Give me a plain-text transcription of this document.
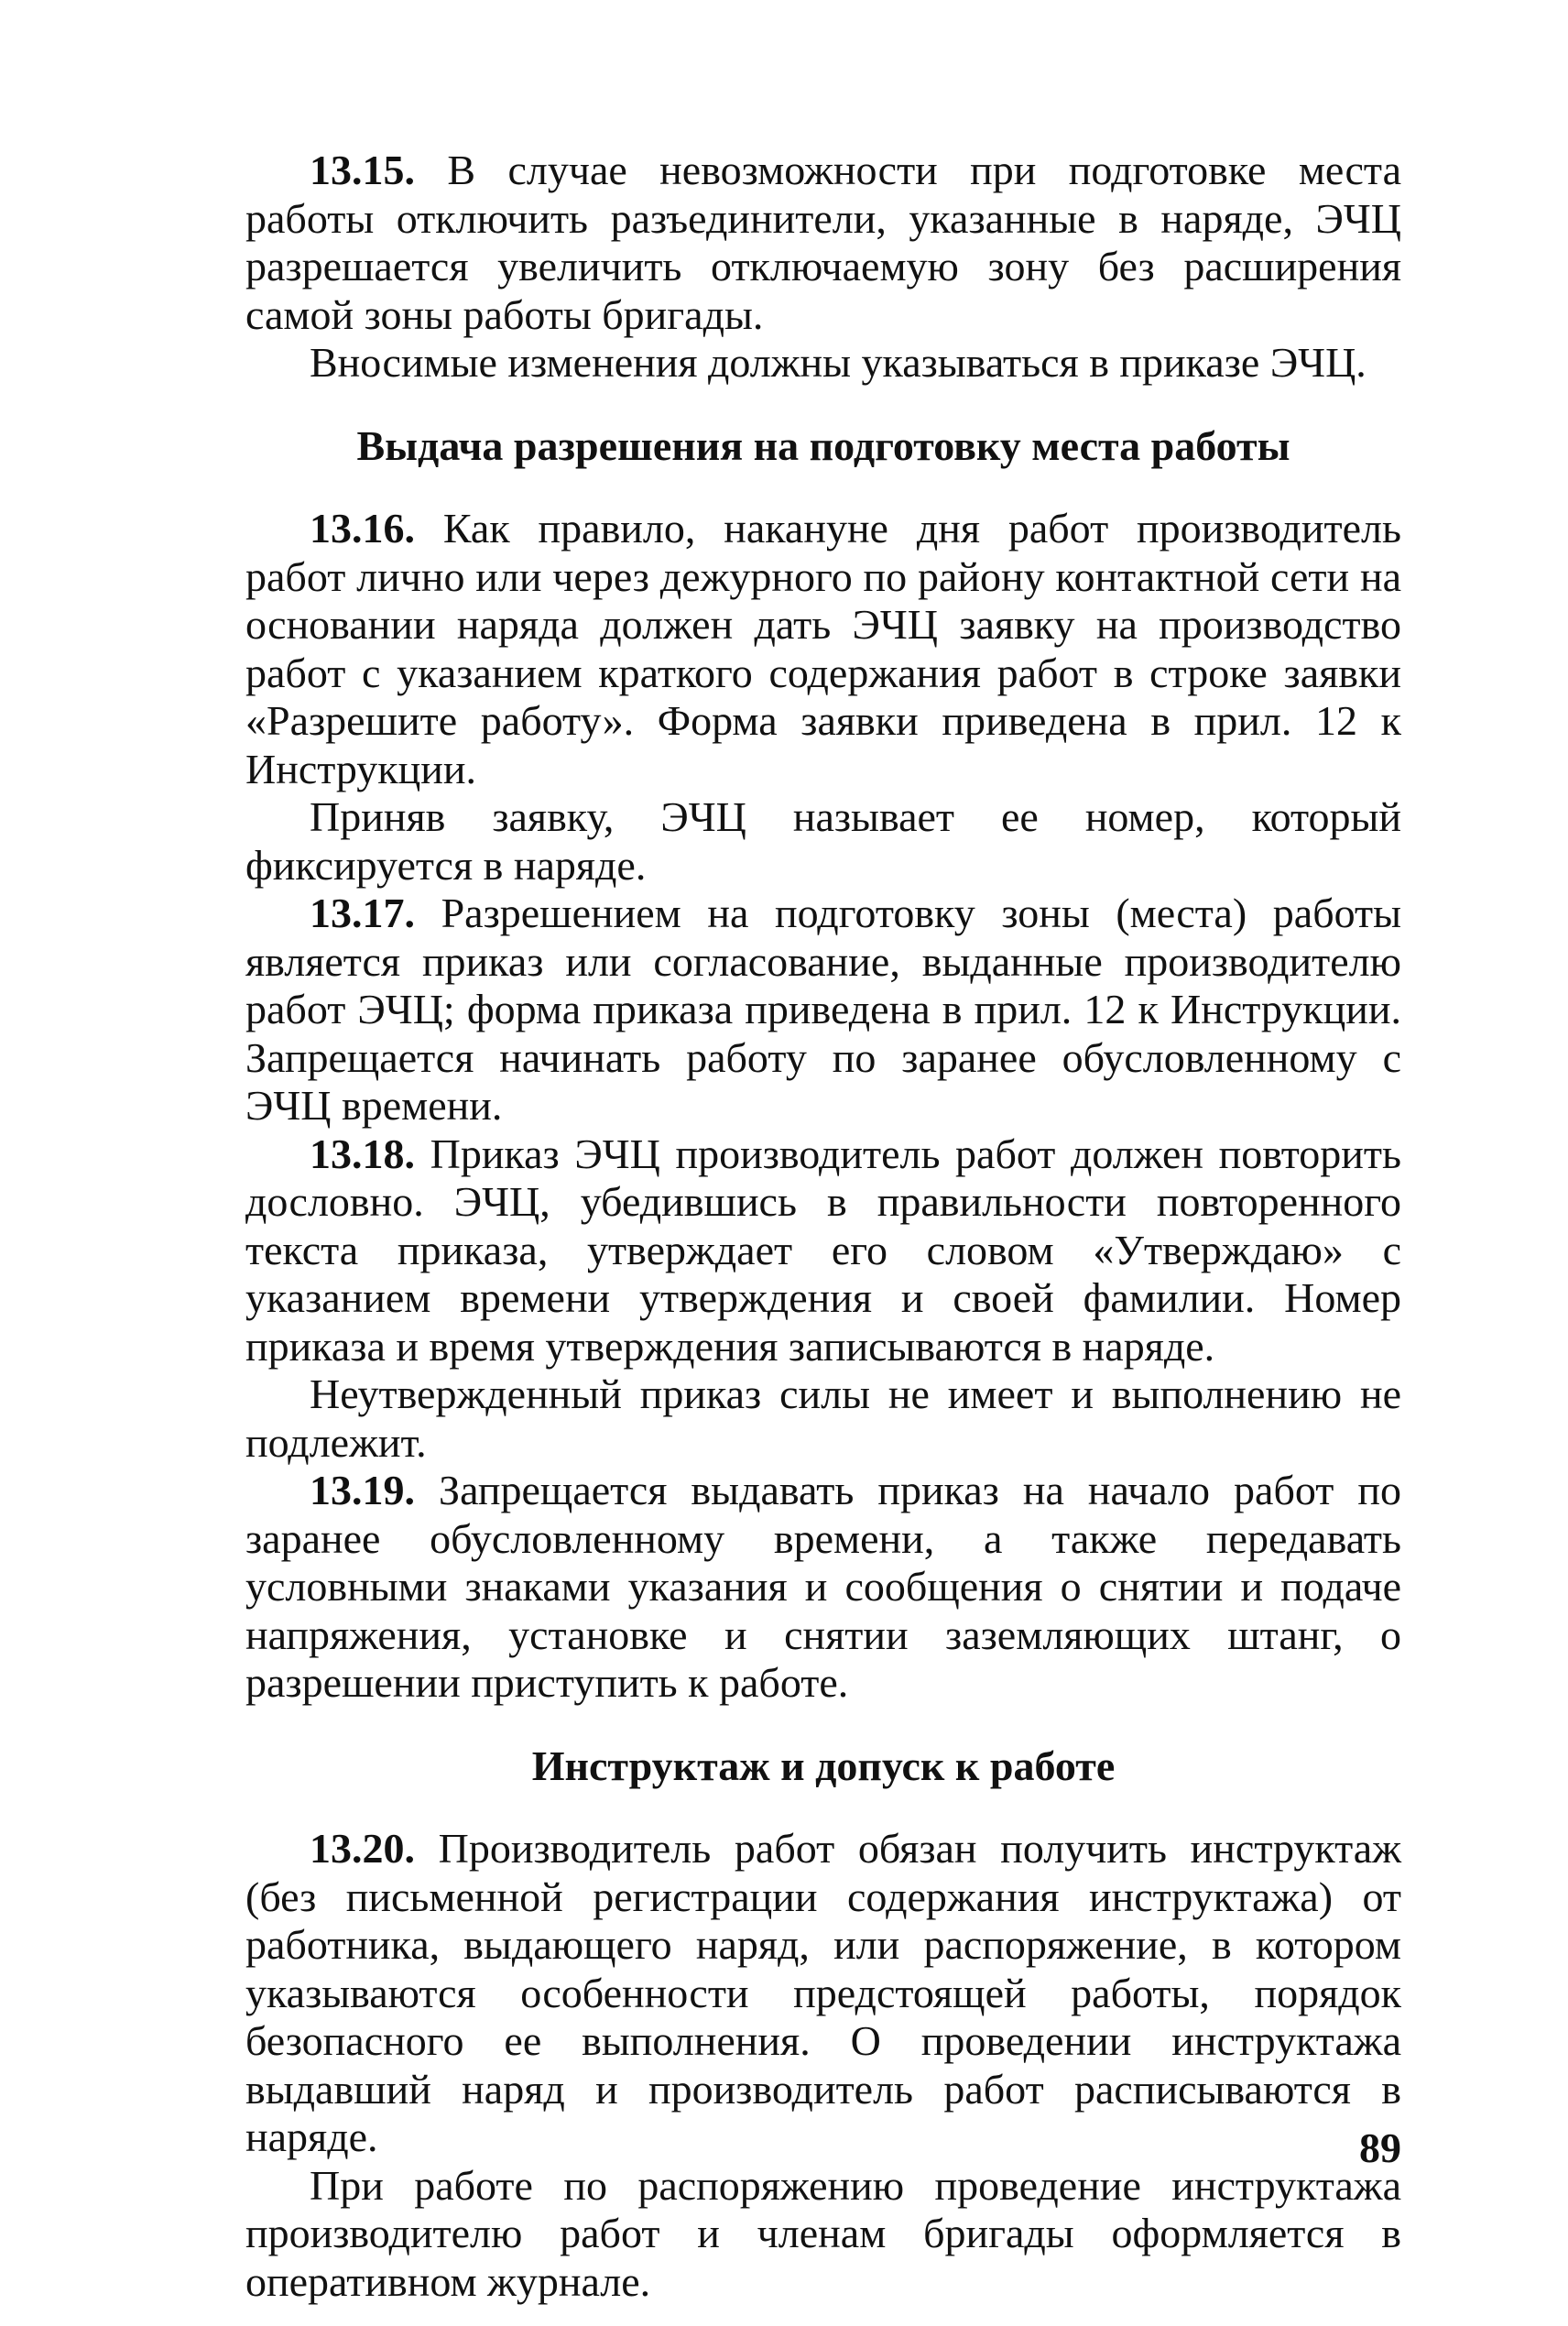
13.15. В случае невозможности при подготовке места работы отключить разъединители, указанные в наряде, ЭЧЦ разрешается увеличить отключаемую зону без расширения самой зоны работы бригады.

Вносимые изменения должны указываться в приказе ЭЧЦ.

Выдача разрешения на подготовку места работы

13.16. Как правило, накануне дня работ производитель работ лично или через дежурного по району контактной сети на основании наряда должен дать ЭЧЦ заявку на производство работ с указанием краткого содержания работ в строке заявки «Разрешите работу». Форма заявки приведена в прил. 12 к Инструкции.

Приняв заявку, ЭЧЦ называет ее номер, который фиксируется в наряде.

13.17. Разрешением на подготовку зоны (места) работы является приказ или согласование, выданные производителю работ ЭЧЦ; форма приказа приведена в прил. 12 к Инструкции. Запрещается начинать работу по заранее обусловленному с ЭЧЦ времени.

13.18. Приказ ЭЧЦ производитель работ должен повторить дословно. ЭЧЦ, убедившись в правильности повторенного текста приказа, утверждает его словом «Утверждаю» с указанием времени утверждения и своей фамилии. Номер приказа и время утверждения записываются в наряде.

Неутвержденный приказ силы не имеет и выполнению не подлежит.

13.19. Запрещается выдавать приказ на начало работ по заранее обусловленному времени, а также передавать условными знаками указания и сообщения о снятии и подаче напряжения, установке и снятии заземляющих штанг, о разрешении приступить к работе.

Инструктаж и допуск к работе

13.20. Производитель работ обязан получить инструктаж (без письменной регистрации содержания инструктажа) от работника, выдающего наряд, или распоряжение, в котором указываются особенности предстоящей работы, порядок безопасного ее выполнения. О проведении инструктажа выдавший наряд и производитель работ расписываются в наряде.

При работе по распоряжению проведение инструктажа производителю работ и членам бригады оформляется в оперативном журнале.

89
